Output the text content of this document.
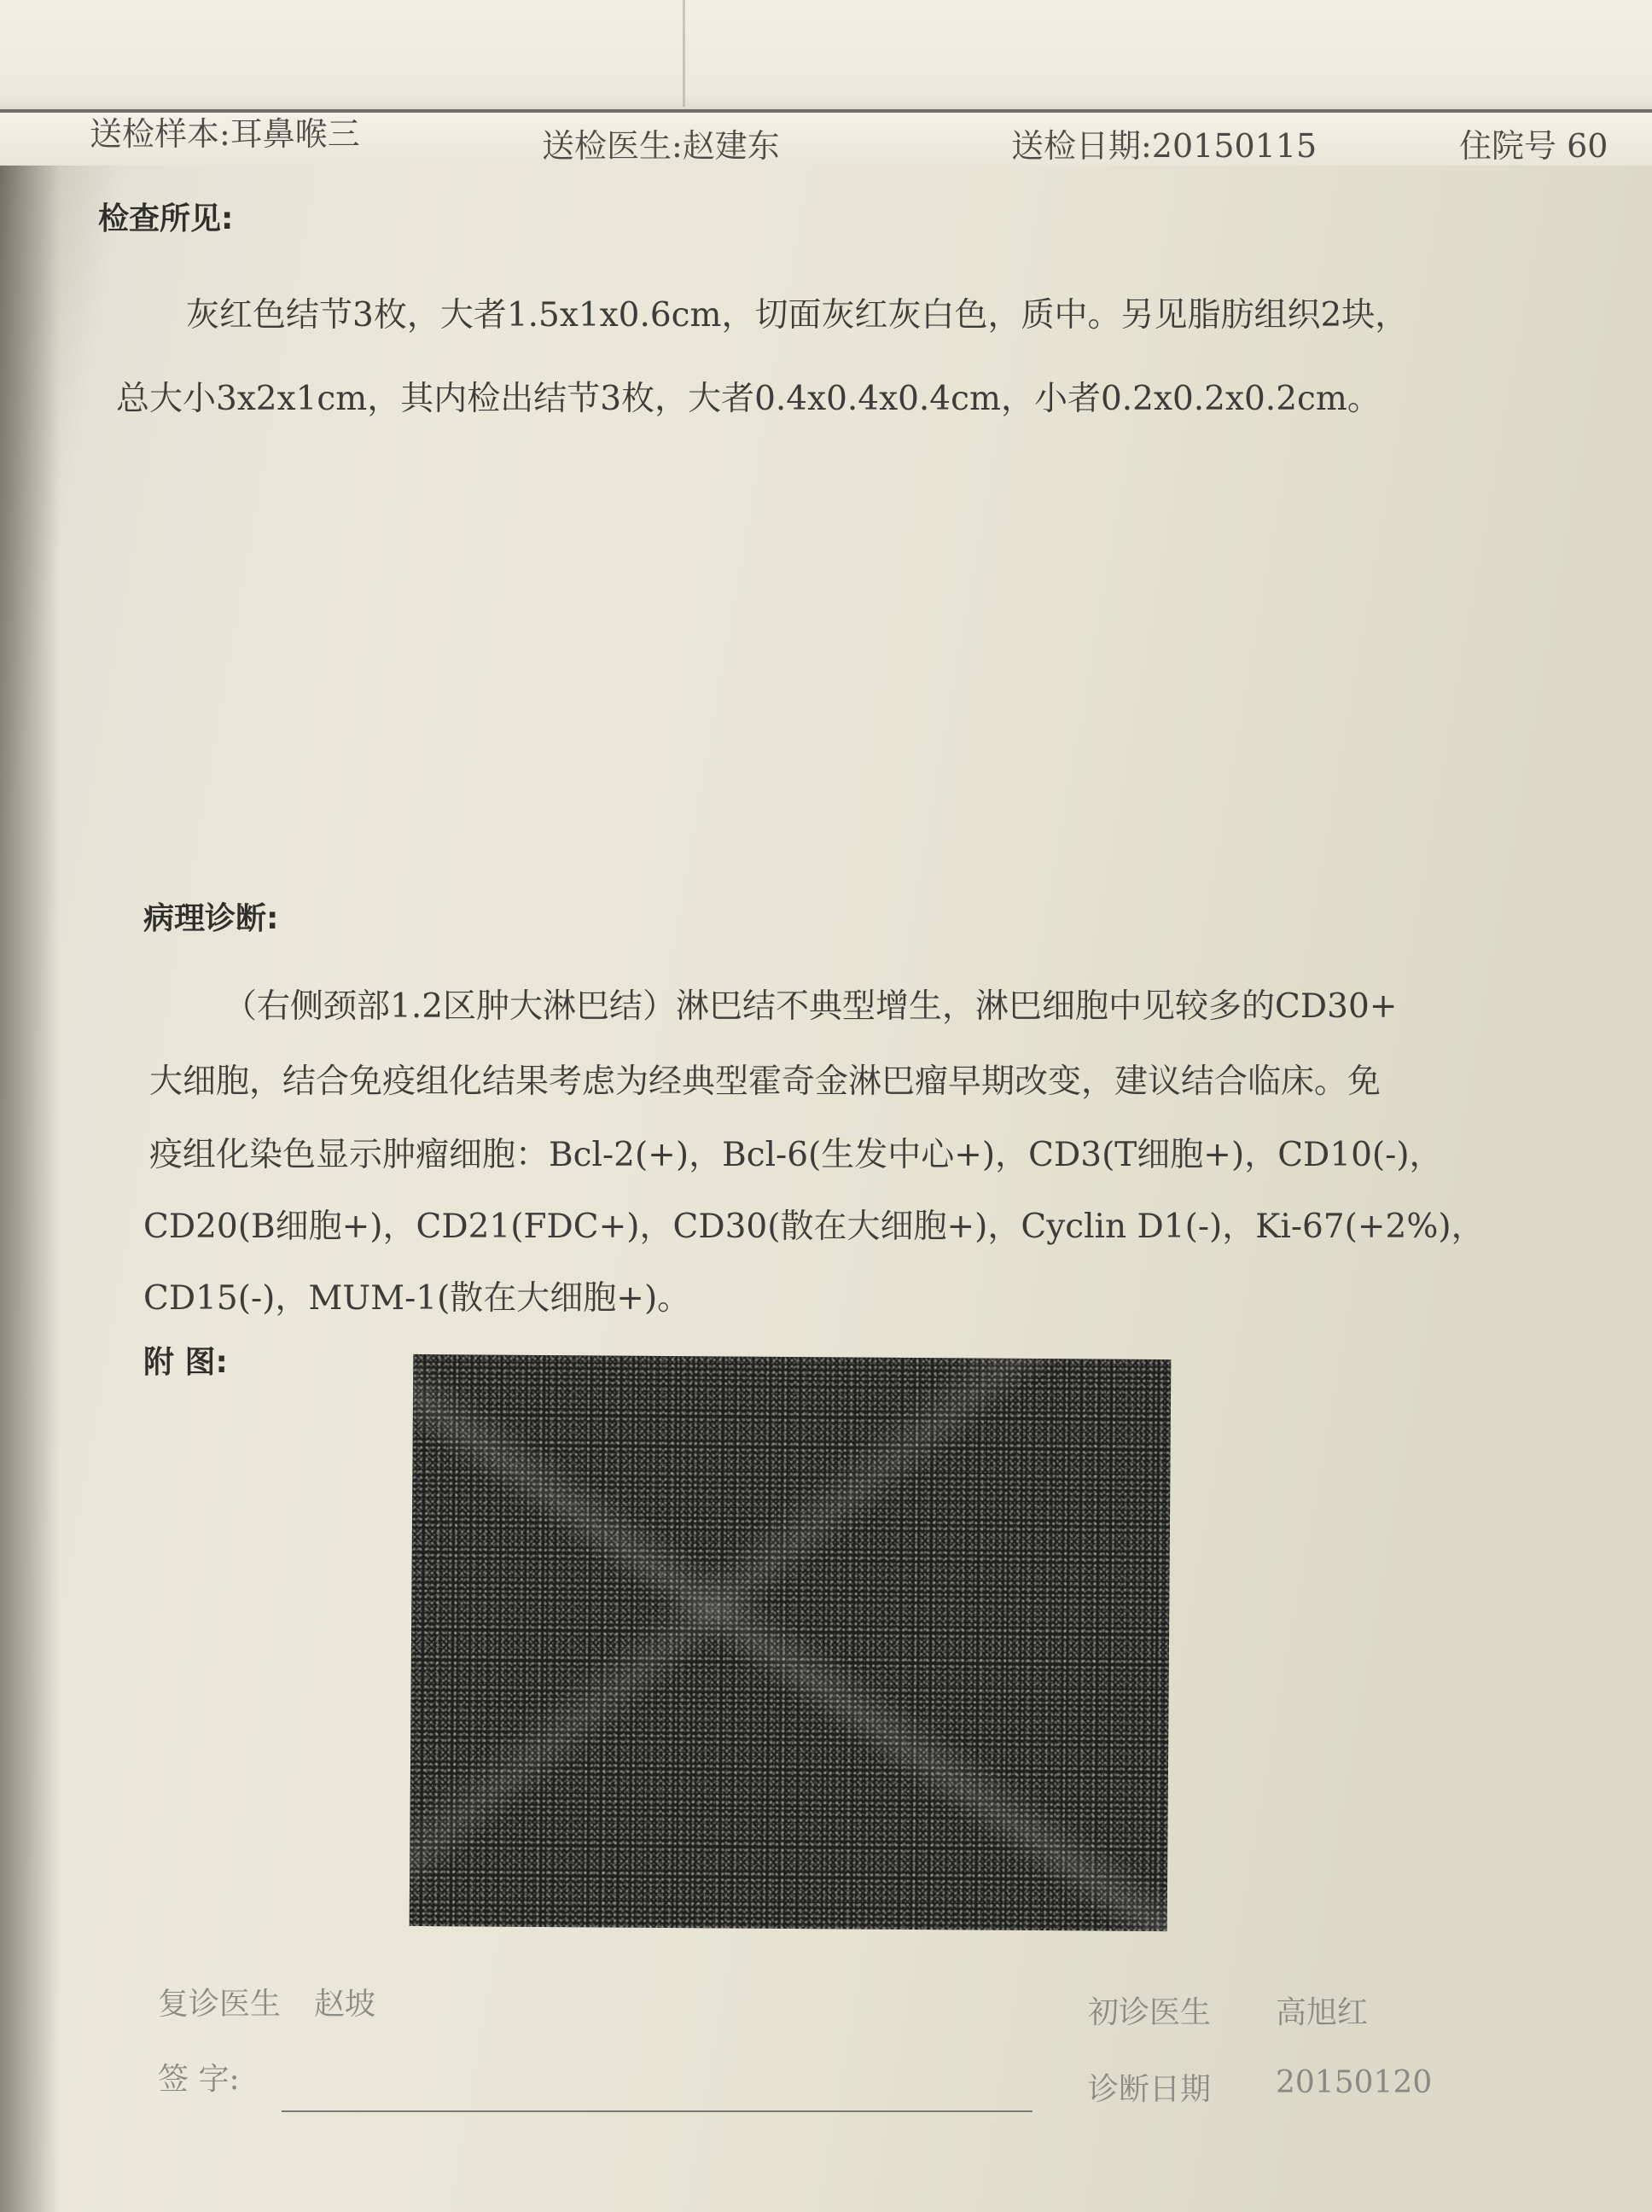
送检样本:耳鼻喉三	送检医生:赵建东	送检日期:20150115	住院号 60
检查所见:
灰红色结节3枚，大者1.5x1x0.6cm，切面灰红灰白色，质中。另见脂肪组织2块，
总大小3x2x1cm，其内检出结节3枚，大者0.4x0.4x0.4cm，小者0.2x0.2x0.2cm。
病理诊断:
（右侧颈部1.2区肿大淋巴结）淋巴结不典型增生，淋巴细胞中见较多的CD30+
大细胞，结合免疫组化结果考虑为经典型霍奇金淋巴瘤早期改变，建议结合临床。免
疫组化染色显示肿瘤细胞：Bcl-2(+)，Bcl-6(生发中心+)，CD3(T细胞+)，CD10(-)，
CD20(B细胞+)，CD21(FDC+)，CD30(散在大细胞+)，Cyclin D1(-)，Ki-67(+2%)，
CD15(-)，MUM-1(散在大细胞+)。
附 图:
复诊医生 赵坡
签 字:
初诊医生 高旭红
诊断日期 20150120
